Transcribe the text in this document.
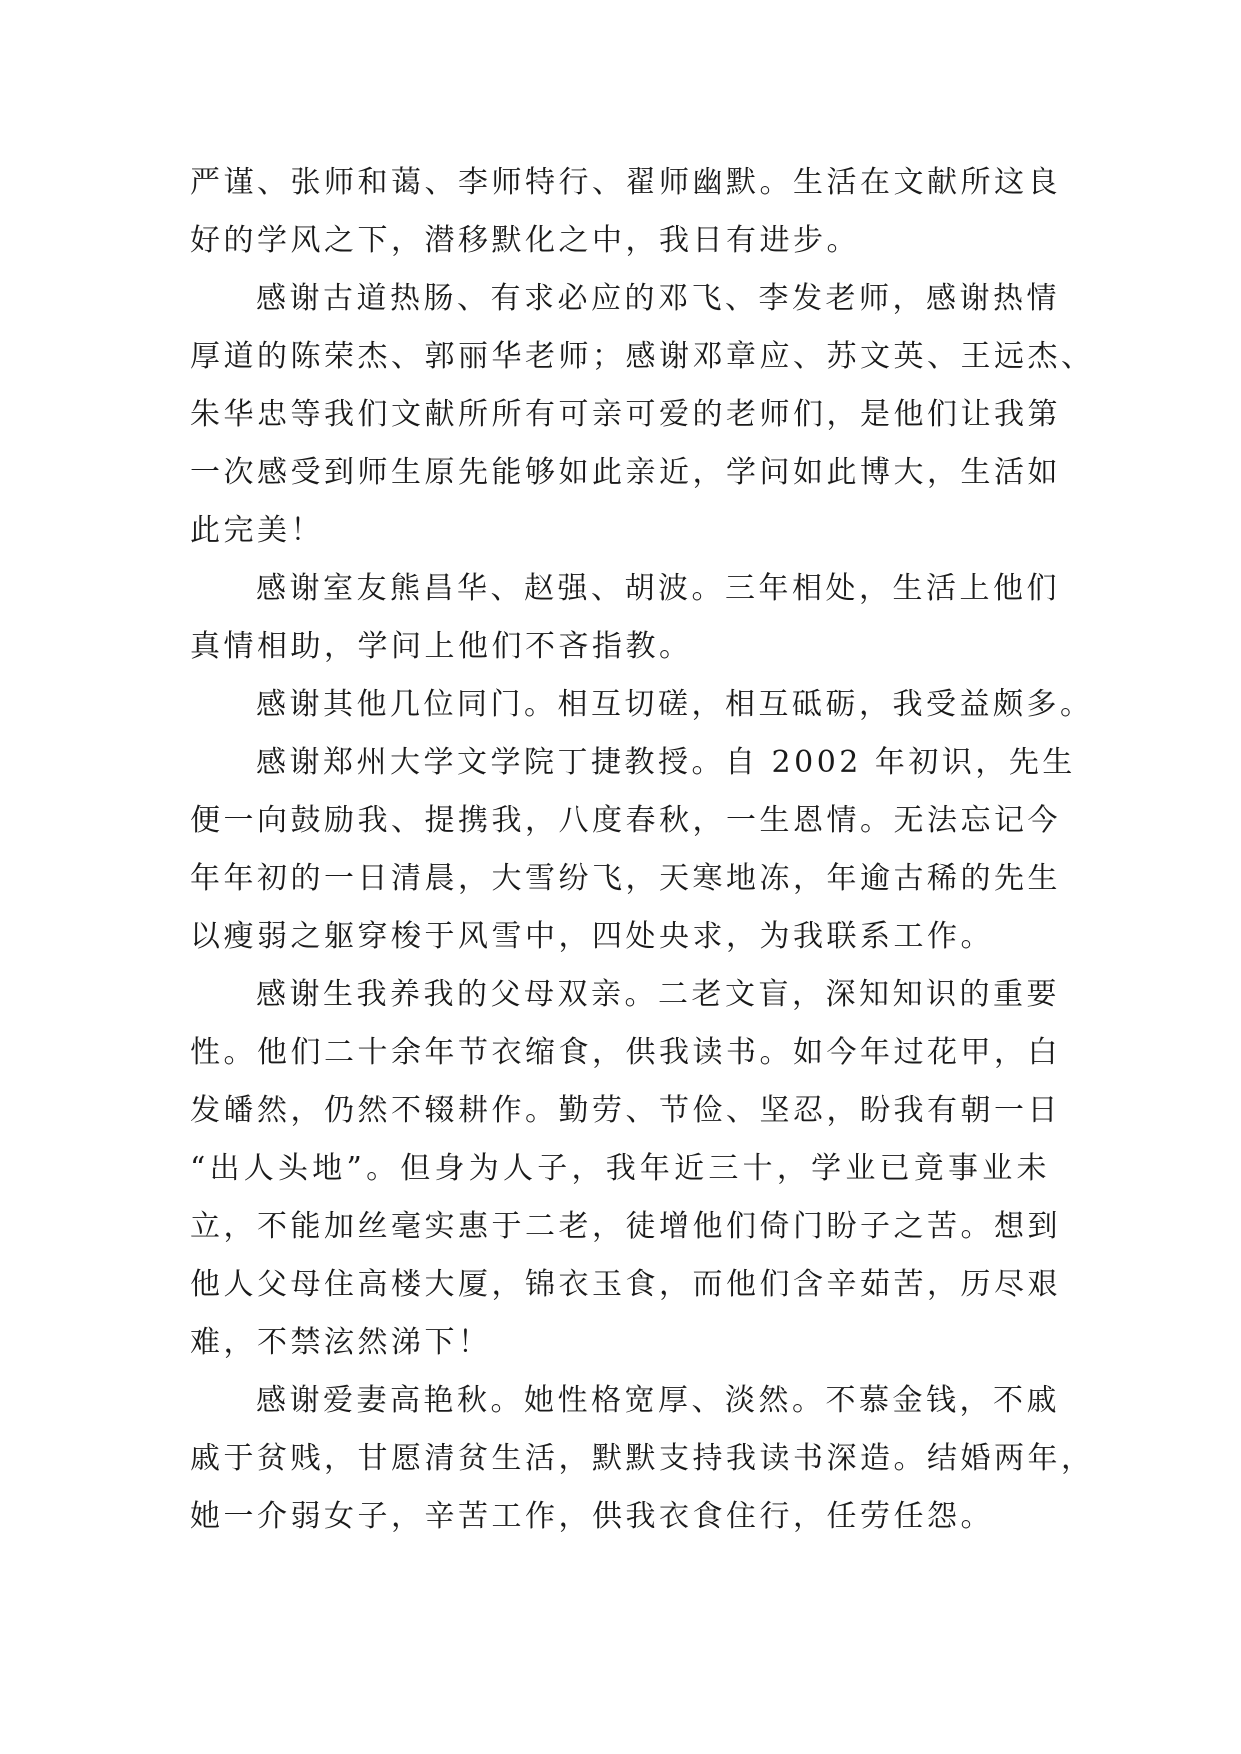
严谨、张师和蔼、李师特行、翟师幽默。生活在文献所这良
好的学风之下，潜移默化之中，我日有进步。
感谢古道热肠、有求必应的邓飞、李发老师，感谢热情
厚道的陈荣杰、郭丽华老师；感谢邓章应、苏文英、王远杰、
朱华忠等我们文献所所有可亲可爱的老师们，是他们让我第
一次感受到师生原先能够如此亲近，学问如此博大，生活如
此完美！
感谢室友熊昌华、赵强、胡波。三年相处，生活上他们
真情相助，学问上他们不吝指教。
感谢其他几位同门。相互切磋，相互砥砺，我受益颇多。
感谢郑州大学文学院丁捷教授。自 2002 年初识，先生
便一向鼓励我、提携我，八度春秋，一生恩情。无法忘记今
年年初的一日清晨，大雪纷飞，天寒地冻，年逾古稀的先生
以瘦弱之躯穿梭于风雪中，四处央求，为我联系工作。
感谢生我养我的父母双亲。二老文盲，深知知识的重要
性。他们二十余年节衣缩食，供我读书。如今年过花甲，白
发皤然，仍然不辍耕作。勤劳、节俭、坚忍，盼我有朝一日
“出人头地”。但身为人子，我年近三十，学业已竟事业未
立，不能加丝毫实惠于二老，徒增他们倚门盼子之苦。想到
他人父母住高楼大厦，锦衣玉食，而他们含辛茹苦，历尽艰
难，不禁泫然涕下！
感谢爱妻高艳秋。她性格宽厚、淡然。不慕金钱，不戚
戚于贫贱，甘愿清贫生活，默默支持我读书深造。结婚两年，
她一介弱女子，辛苦工作，供我衣食住行，任劳任怨。
